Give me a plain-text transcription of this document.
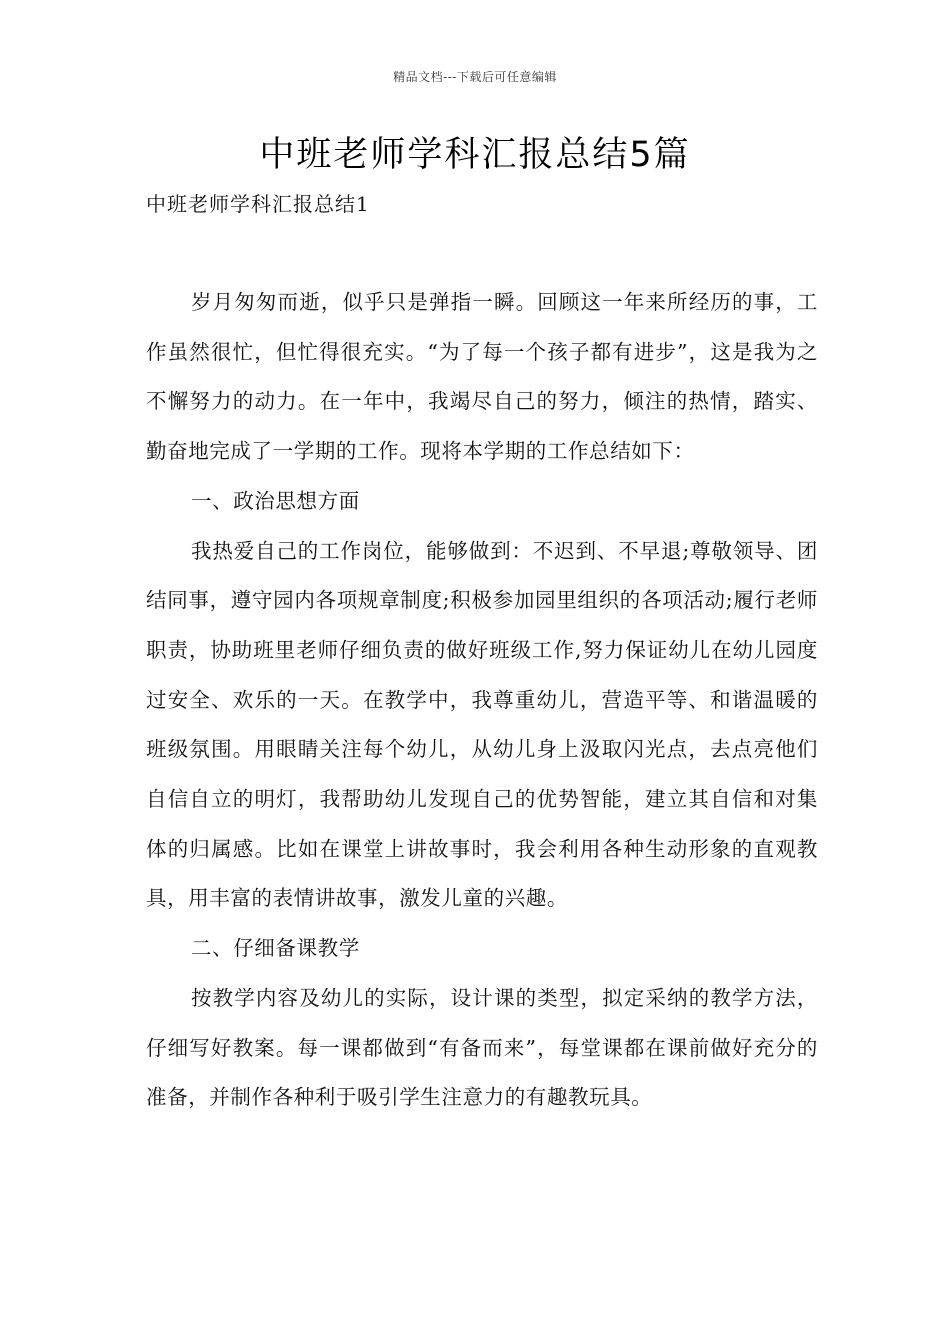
精品文档---下载后可任意编辑
中班老师学科汇报总结5篇
中班老师学科汇报总结1

岁月匆匆而逝，似乎只是弹指一瞬。回顾这一年来所经历的事，工作虽然很忙，但忙得很充实。“为了每一个孩子都有进步”，这是我为之不懈努力的动力。在一年中，我竭尽自己的努力，倾注的热情，踏实、勤奋地完成了一学期的工作。现将本学期的工作总结如下：

一、政治思想方面

我热爱自己的工作岗位，能够做到：不迟到、不早退;尊敬领导、团结同事，遵守园内各项规章制度;积极参加园里组织的各项活动;履行老师职责，协助班里老师仔细负责的做好班级工作,努力保证幼儿在幼儿园度过安全、欢乐的一天。在教学中，我尊重幼儿，营造平等、和谐温暖的班级氛围。用眼睛关注每个幼儿，从幼儿身上汲取闪光点，去点亮他们自信自立的明灯，我帮助幼儿发现自己的优势智能，建立其自信和对集体的归属感。比如在课堂上讲故事时，我会利用各种生动形象的直观教具，用丰富的表情讲故事，激发儿童的兴趣。

二、仔细备课教学

按教学内容及幼儿的实际，设计课的类型，拟定采纳的教学方法，仔细写好教案。每一课都做到“有备而来”，每堂课都在课前做好充分的准备，并制作各种利于吸引学生注意力的有趣教玩具。
